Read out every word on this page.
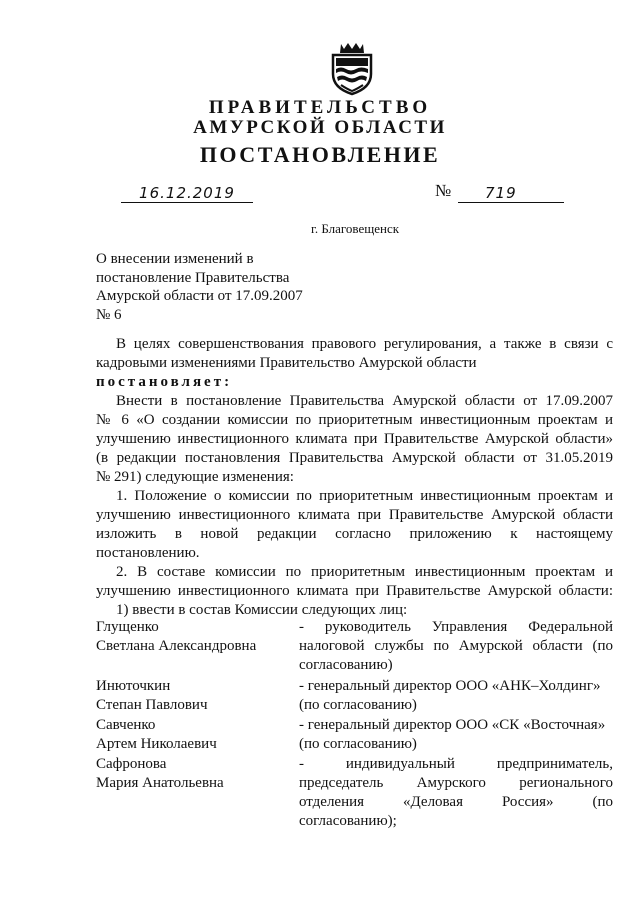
ПРАВИТЕЛЬСТВО
АМУРСКОЙ ОБЛАСТИ
ПОСТАНОВЛЕНИЕ
16.12.2019	№ 719
г. Благовещенск
О внесении изменений в
постановление Правительства
Амурской области от 17.09.2007
№ 6
В целях совершенствования правового регулирования, а также в связи с
кадровыми изменениями Правительство Амурской области
постановляет:
Внести в постановление Правительства Амурской области от 17.09.2007
№ 6 «О создании комиссии по приоритетным инвестиционным проектам и
улучшению инвестиционного климата при Правительстве Амурской области»
(в редакции постановления Правительства Амурской области от 31.05.2019
№ 291) следующие изменения:
1. Положение о комиссии по приоритетным инвестиционным проектам и
улучшению инвестиционного климата при Правительстве Амурской области
изложить в новой редакции согласно приложению к настоящему
постановлению.
2. В составе комиссии по приоритетным инвестиционным проектам и
улучшению инвестиционного климата при Правительстве Амурской области:
1) ввести в состав Комиссии следующих лиц:
Глущенко
Светлана Александровна
- руководитель Управления Федеральной
налоговой службы по Амурской области (по
согласованию)
Инюточкин
Степан Павлович
- генеральный директор ООО «АНК–Холдинг»
(по согласованию)
Савченко
Артем Николаевич
- генеральный директор ООО «СК «Восточная»
(по согласованию)
Сафронова
Мария Анатольевна
- индивидуальный предприниматель,
председатель Амурского регионального
отделения «Деловая Россия» (по
согласованию);
